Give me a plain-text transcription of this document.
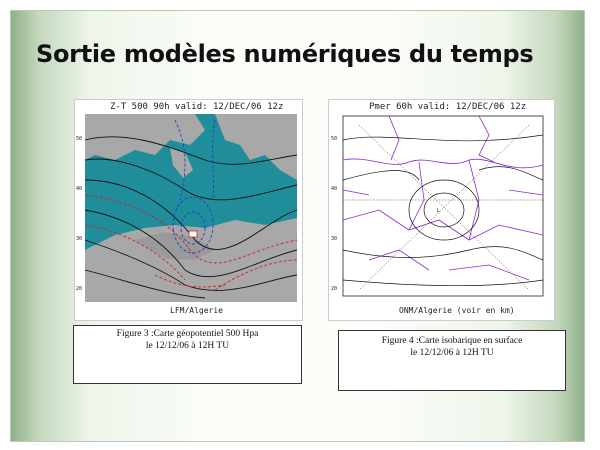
Sortie modèles numériques du temps
Z-T 500 90h valid: 12/DEC/06 12z
50
40
30
20
LFM/Algerie
Pmer 60h valid: 12/DEC/06 12z
50
40
30
20
L
ONM/Algerie (voir en km)
Figure 3 :Carte géopotentiel 500 Hpa
le 12/12/06 à 12H TU	Figure 4 :Carte isobarique en surface
le 12/12/06 à 12H TU
